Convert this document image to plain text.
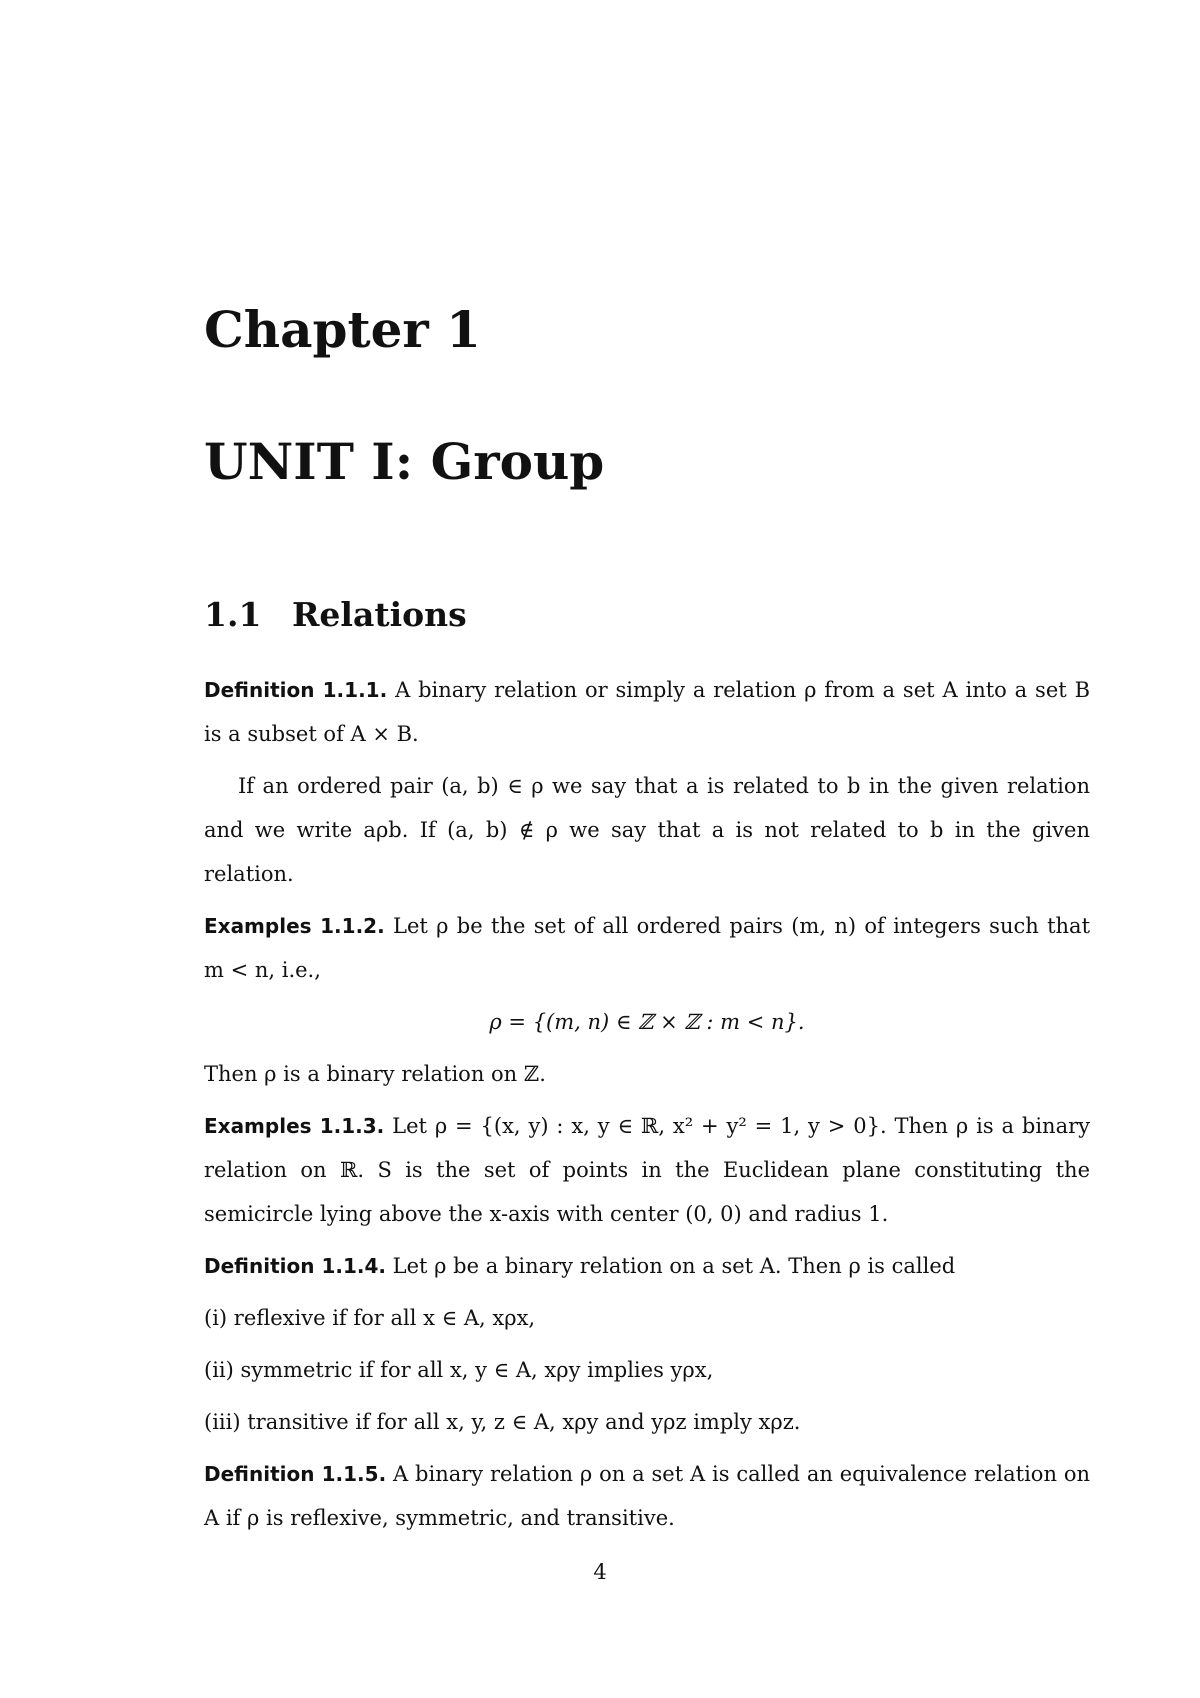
Chapter 1
UNIT I: Group
1.1 Relations

Definition 1.1.1. A binary relation or simply a relation ρ from a set A into a set B is a subset of A × B.

If an ordered pair (a, b) ∈ ρ we say that a is related to b in the given relation and we write aρb. If (a, b) ∉ ρ we say that a is not related to b in the given relation.

Examples 1.1.2. Let ρ be the set of all ordered pairs (m, n) of integers such that m < n, i.e.,

ρ = {(m, n) ∈ ℤ × ℤ : m < n}.

Then ρ is a binary relation on ℤ.

Examples 1.1.3. Let ρ = {(x, y) : x, y ∈ ℝ, x² + y² = 1, y > 0}. Then ρ is a binary relation on ℝ. S is the set of points in the Euclidean plane constituting the semicircle lying above the x-axis with center (0, 0) and radius 1.

Definition 1.1.4. Let ρ be a binary relation on a set A. Then ρ is called

(i) reflexive if for all x ∈ A, xρx,

(ii) symmetric if for all x, y ∈ A, xρy implies yρx,

(iii) transitive if for all x, y, z ∈ A, xρy and yρz imply xρz.

Definition 1.1.5. A binary relation ρ on a set A is called an equivalence relation on A if ρ is reflexive, symmetric, and transitive.

4
